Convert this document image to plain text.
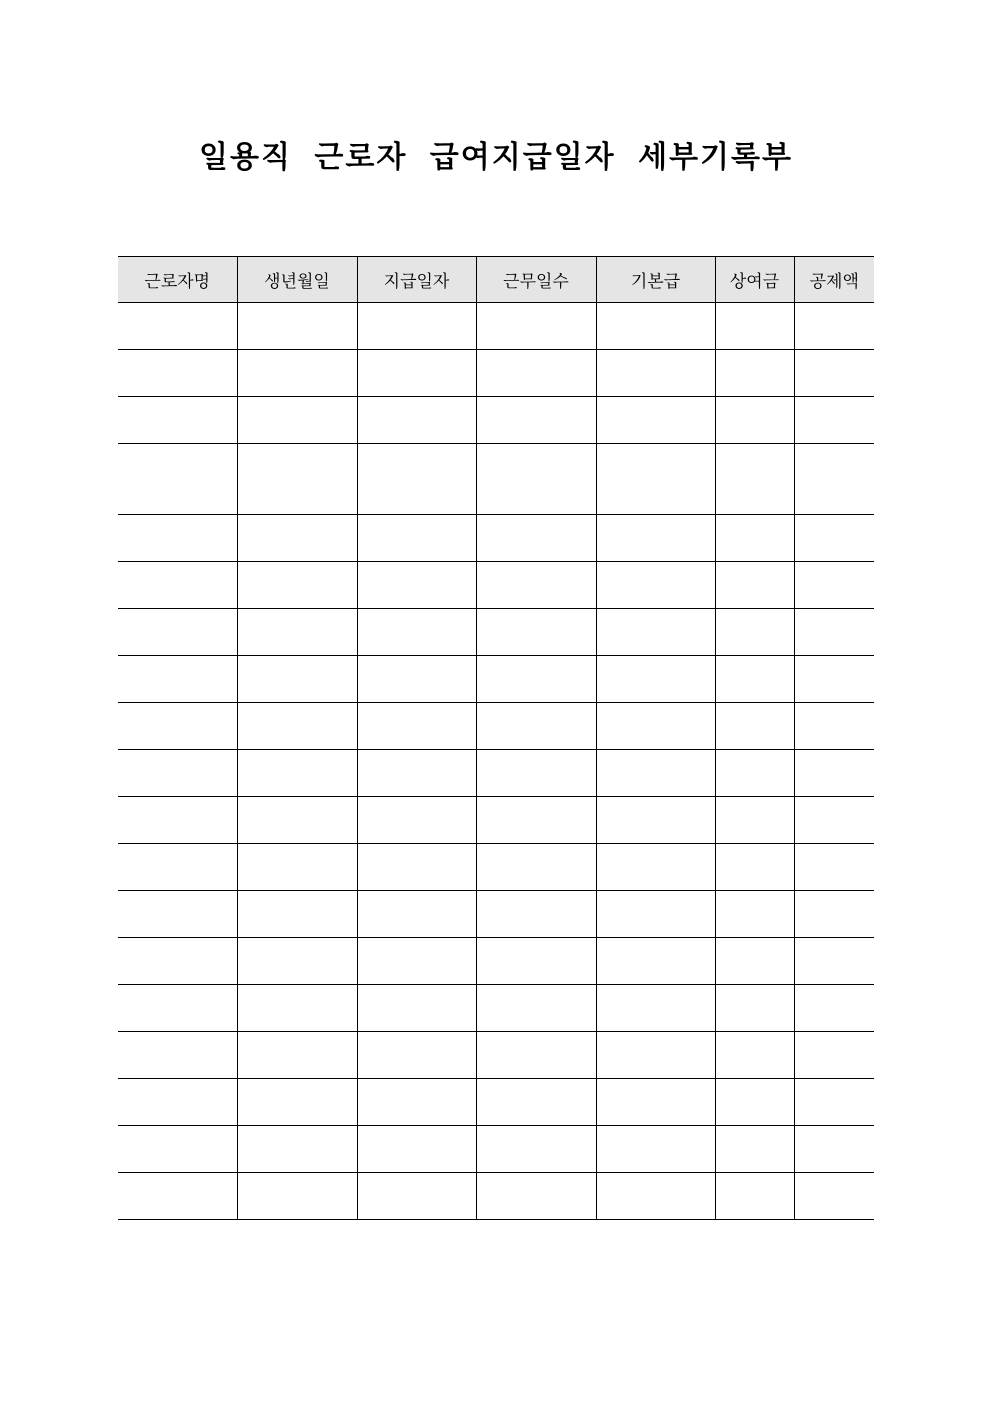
일용직 근로자 급여지급일자 세부기록부
근로자명	생년월일	지급일자	근무일수	기본급	상여금	공제액
